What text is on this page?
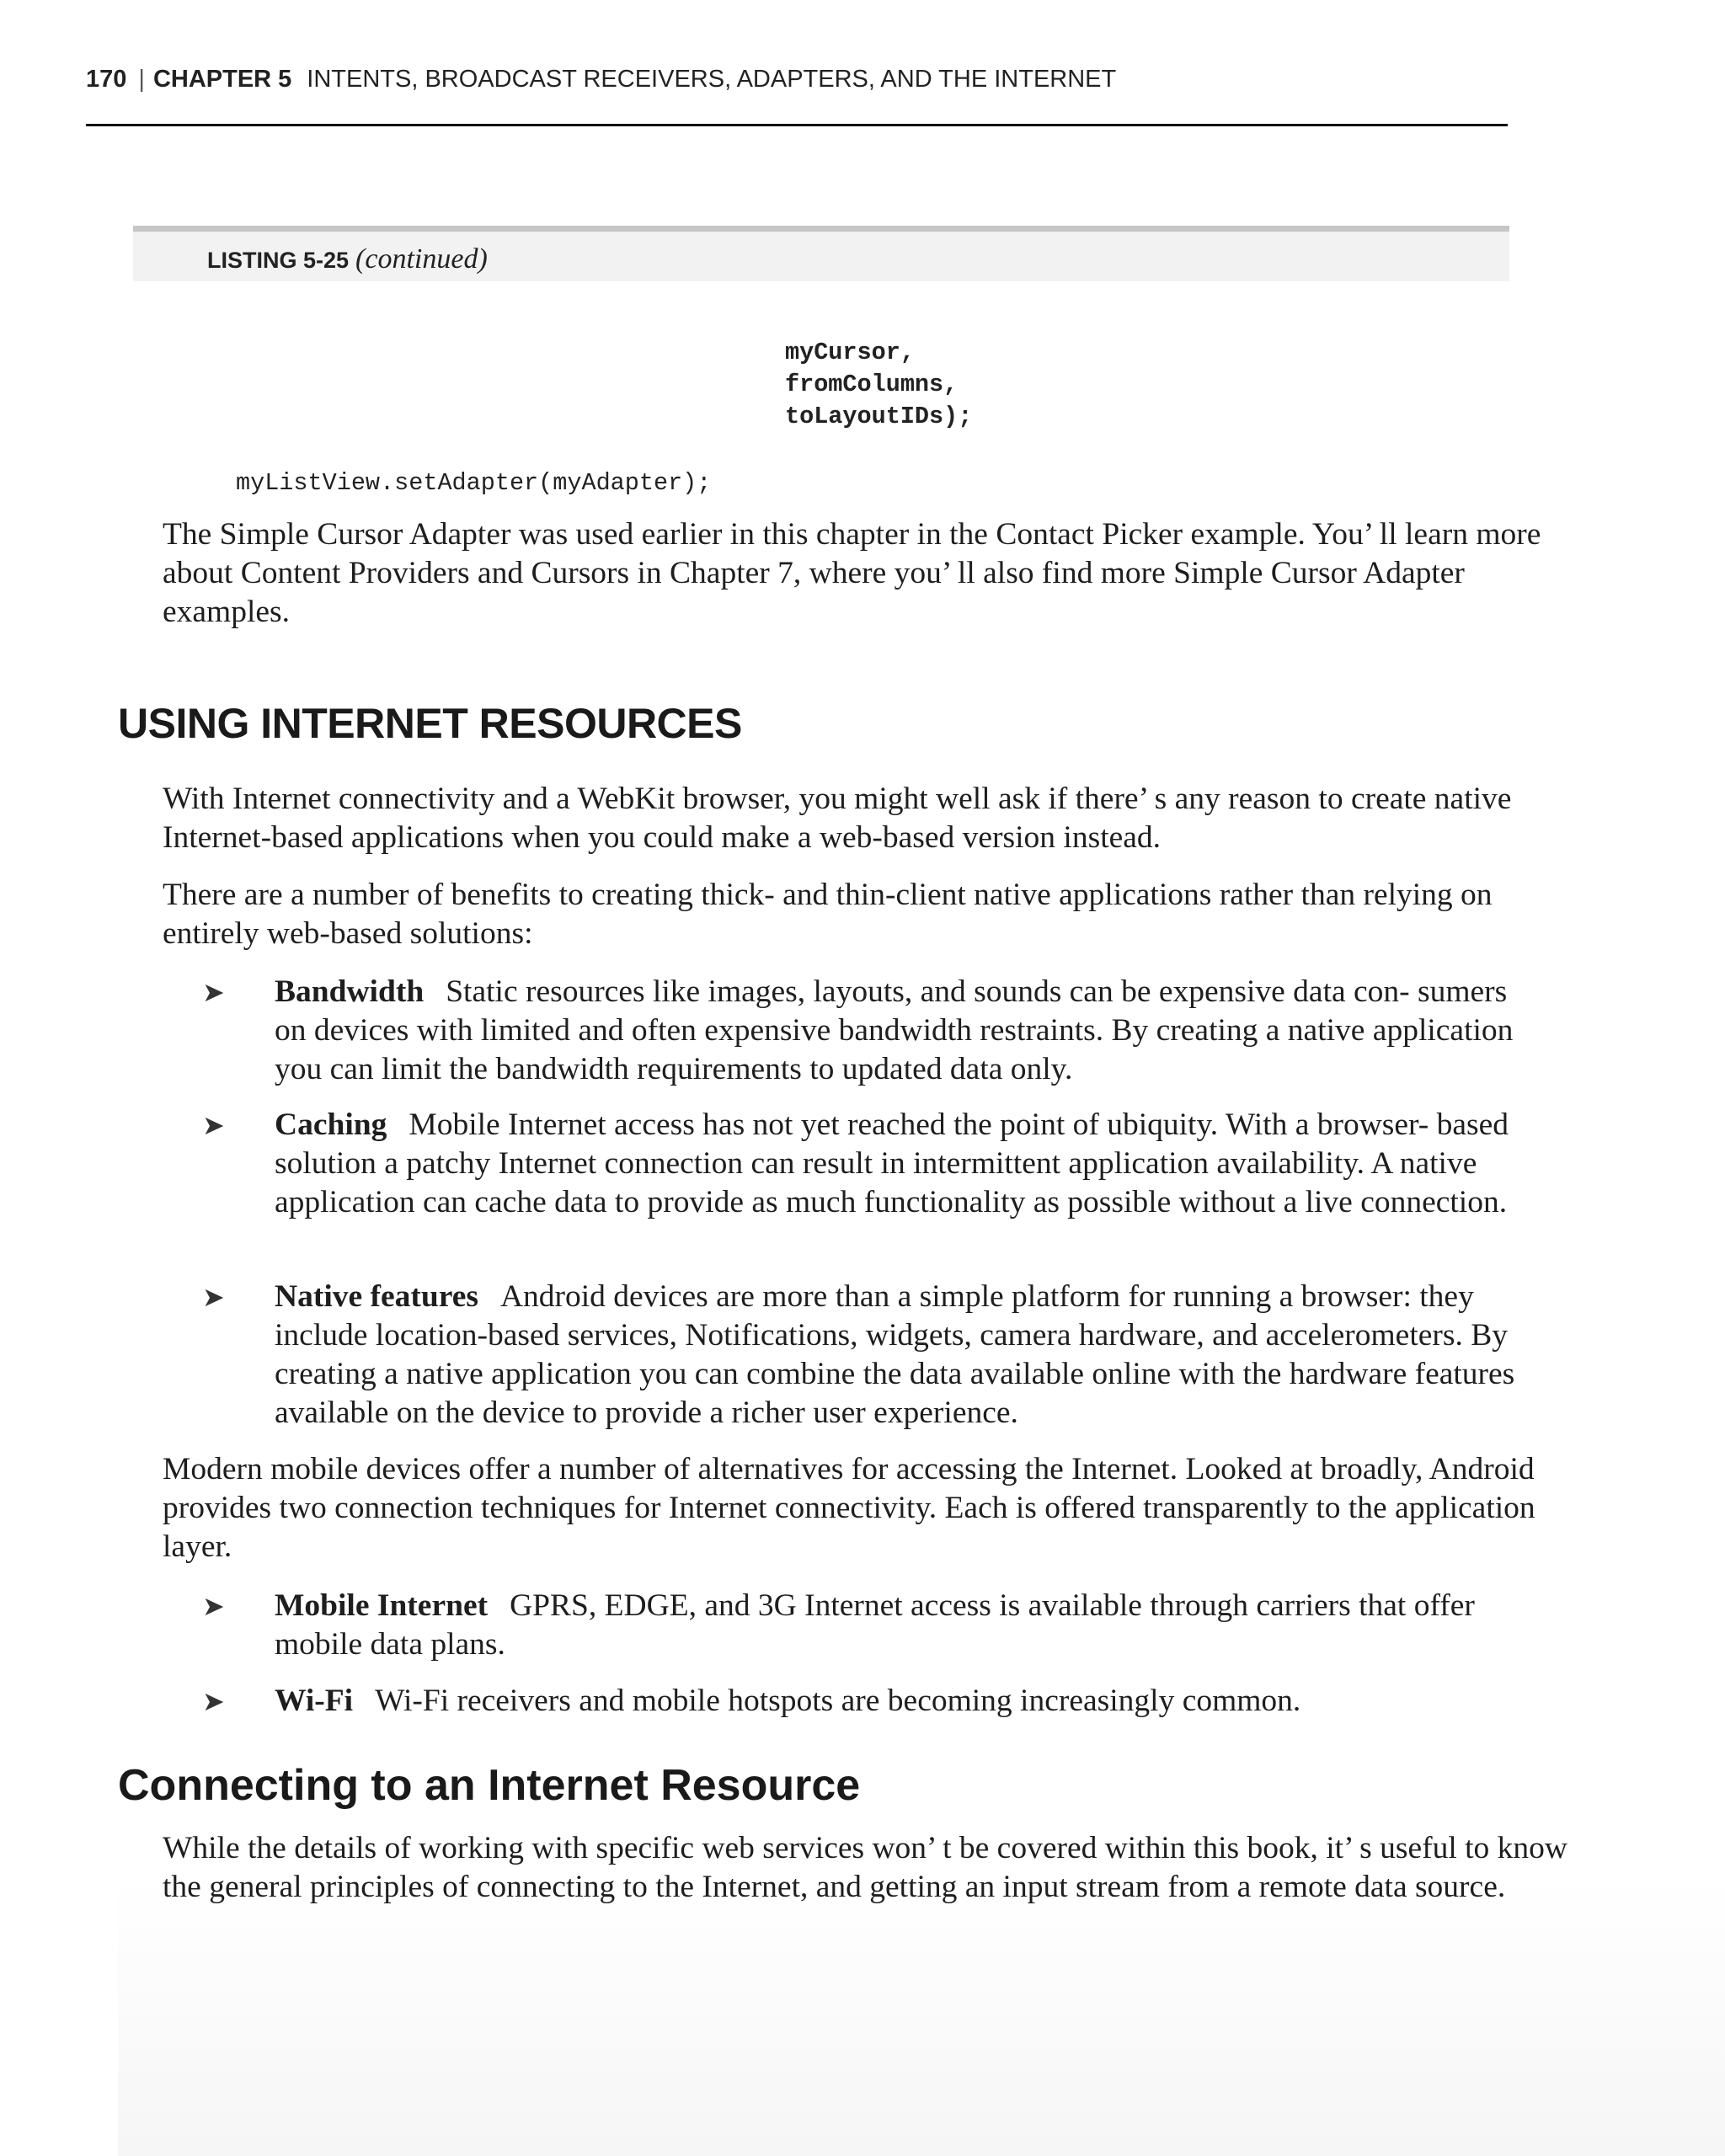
170 | CHAPTER 5 INTENTS, BROADCAST RECEIVERS, ADAPTERS, AND THE INTERNET
LISTING 5-25 (continued)
myCursor,
fromColumns,
toLayoutIDs);
myListView.setAdapter(myAdapter);

The Simple Cursor Adapter was used earlier in this chapter in the Contact Picker example. You’ ll learn more about Content Providers and Cursors in Chapter 7, where you’ ll also find more Simple Cursor Adapter examples.

USING INTERNET RESOURCES

With Internet connectivity and a WebKit browser, you might well ask if there’ s any reason to create native Internet-based applications when you could make a web-based version instead.

There are a number of benefits to creating thick- and thin-client native applications rather than relying on entirely web-based solutions:

➤ Bandwidth Static resources like images, layouts, and sounds can be expensive data con- sumers on devices with limited and often expensive bandwidth restraints. By creating a native application you can limit the bandwidth requirements to updated data only.

➤ Caching Mobile Internet access has not yet reached the point of ubiquity. With a browser- based solution a patchy Internet connection can result in intermittent application availability. A native application can cache data to provide as much functionality as possible without a live connection.

➤ Native features Android devices are more than a simple platform for running a browser: they include location-based services, Notifications, widgets, camera hardware, and accelerometers. By creating a native application you can combine the data available online with the hardware features available on the device to provide a richer user experience.

Modern mobile devices offer a number of alternatives for accessing the Internet. Looked at broadly, Android provides two connection techniques for Internet connectivity. Each is offered transparently to the application layer.

➤ Mobile Internet GPRS, EDGE, and 3G Internet access is available through carriers that offer mobile data plans.

➤ Wi-Fi Wi-Fi receivers and mobile hotspots are becoming increasingly common.

Connecting to an Internet Resource

While the details of working with specific web services won’ t be covered within this book, it’ s useful to know the general principles of connecting to the Internet, and getting an input stream from a remote data source.
